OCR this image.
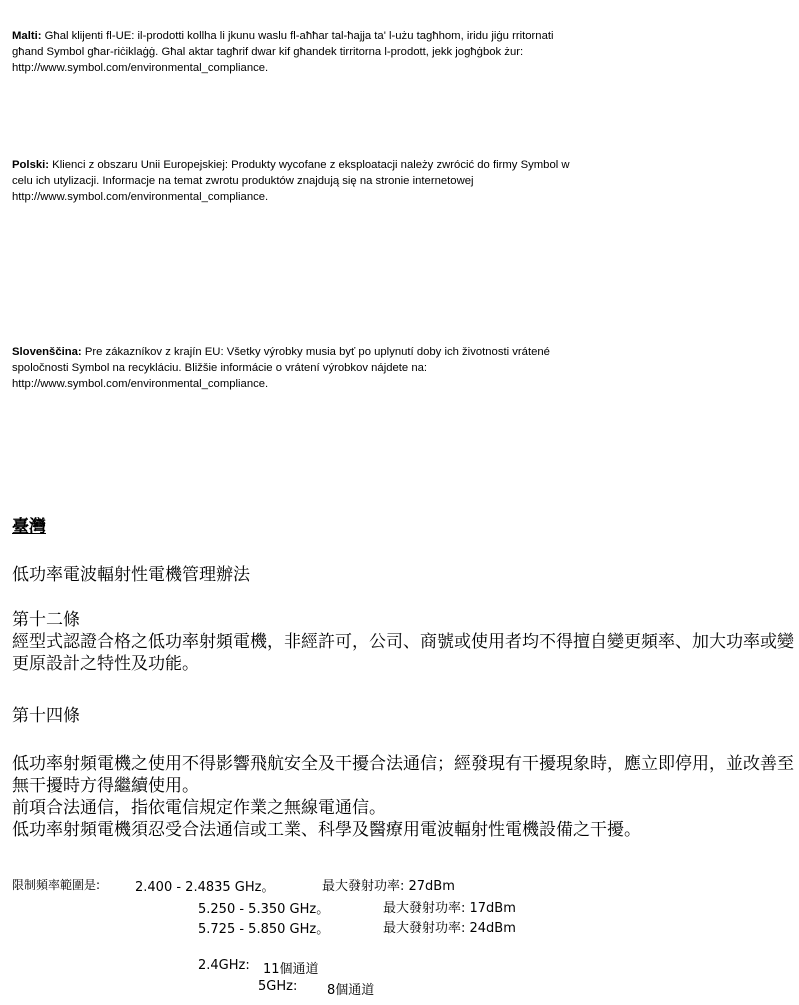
Malti: Għal klijenti fl-UE: il-prodotti kollha li jkunu waslu fl-aħħar tal-ħajja ta' l-użu tagħhom, iridu jiġu rritornati għand Symbol għar-riċiklaġġ. Għal aktar tagħrif dwar kif għandek tirritorna l-prodott, jekk jogħġbok żur: http://www.symbol.com/environmental_compliance.

Polski: Klienci z obszaru Unii Europejskiej: Produkty wycofane z eksploatacji należy zwrócić do firmy Symbol w celu ich utylizacji. Informacje na temat zwrotu produktów znajdują się na stronie internetowej http://www.symbol.com/environmental_compliance.

Slovenščina: Pre zákazníkov z krajín EU: Všetky výrobky musia byť po uplynutí doby ich životnosti vrátené spoločnosti Symbol na recykláciu. Bližšie informácie o vrátení výrobkov nájdete na: http://www.symbol.com/environmental_compliance.

臺灣

低功率電波輻射性電機管理辦法

第十二條

經型式認證合格之低功率射頻電機，非經許可，公司、商號或使用者均不得擅自變更頻率、加大功率或變更原設計之特性及功能。

第十四條

低功率射頻電機之使用不得影響飛航安全及干擾合法通信；經發現有干擾現象時，應立即停用，並改善至無干擾時方得繼續使用。

前項合法通信，指依電信規定作業之無線電通信。

低功率射頻電機須忍受合法通信或工業、科學及醫療用電波輻射性電機設備之干擾。

限制頻率範圍是:	2.400 - 2.4835 GHz。	最大發射功率: 27dBm
5.250 - 5.350 GHz。	最大發射功率: 17dBm
5.725 - 5.850 GHz。	最大發射功率: 24dBm
2.4GHz: 11個通道
5GHz: 8個通道
